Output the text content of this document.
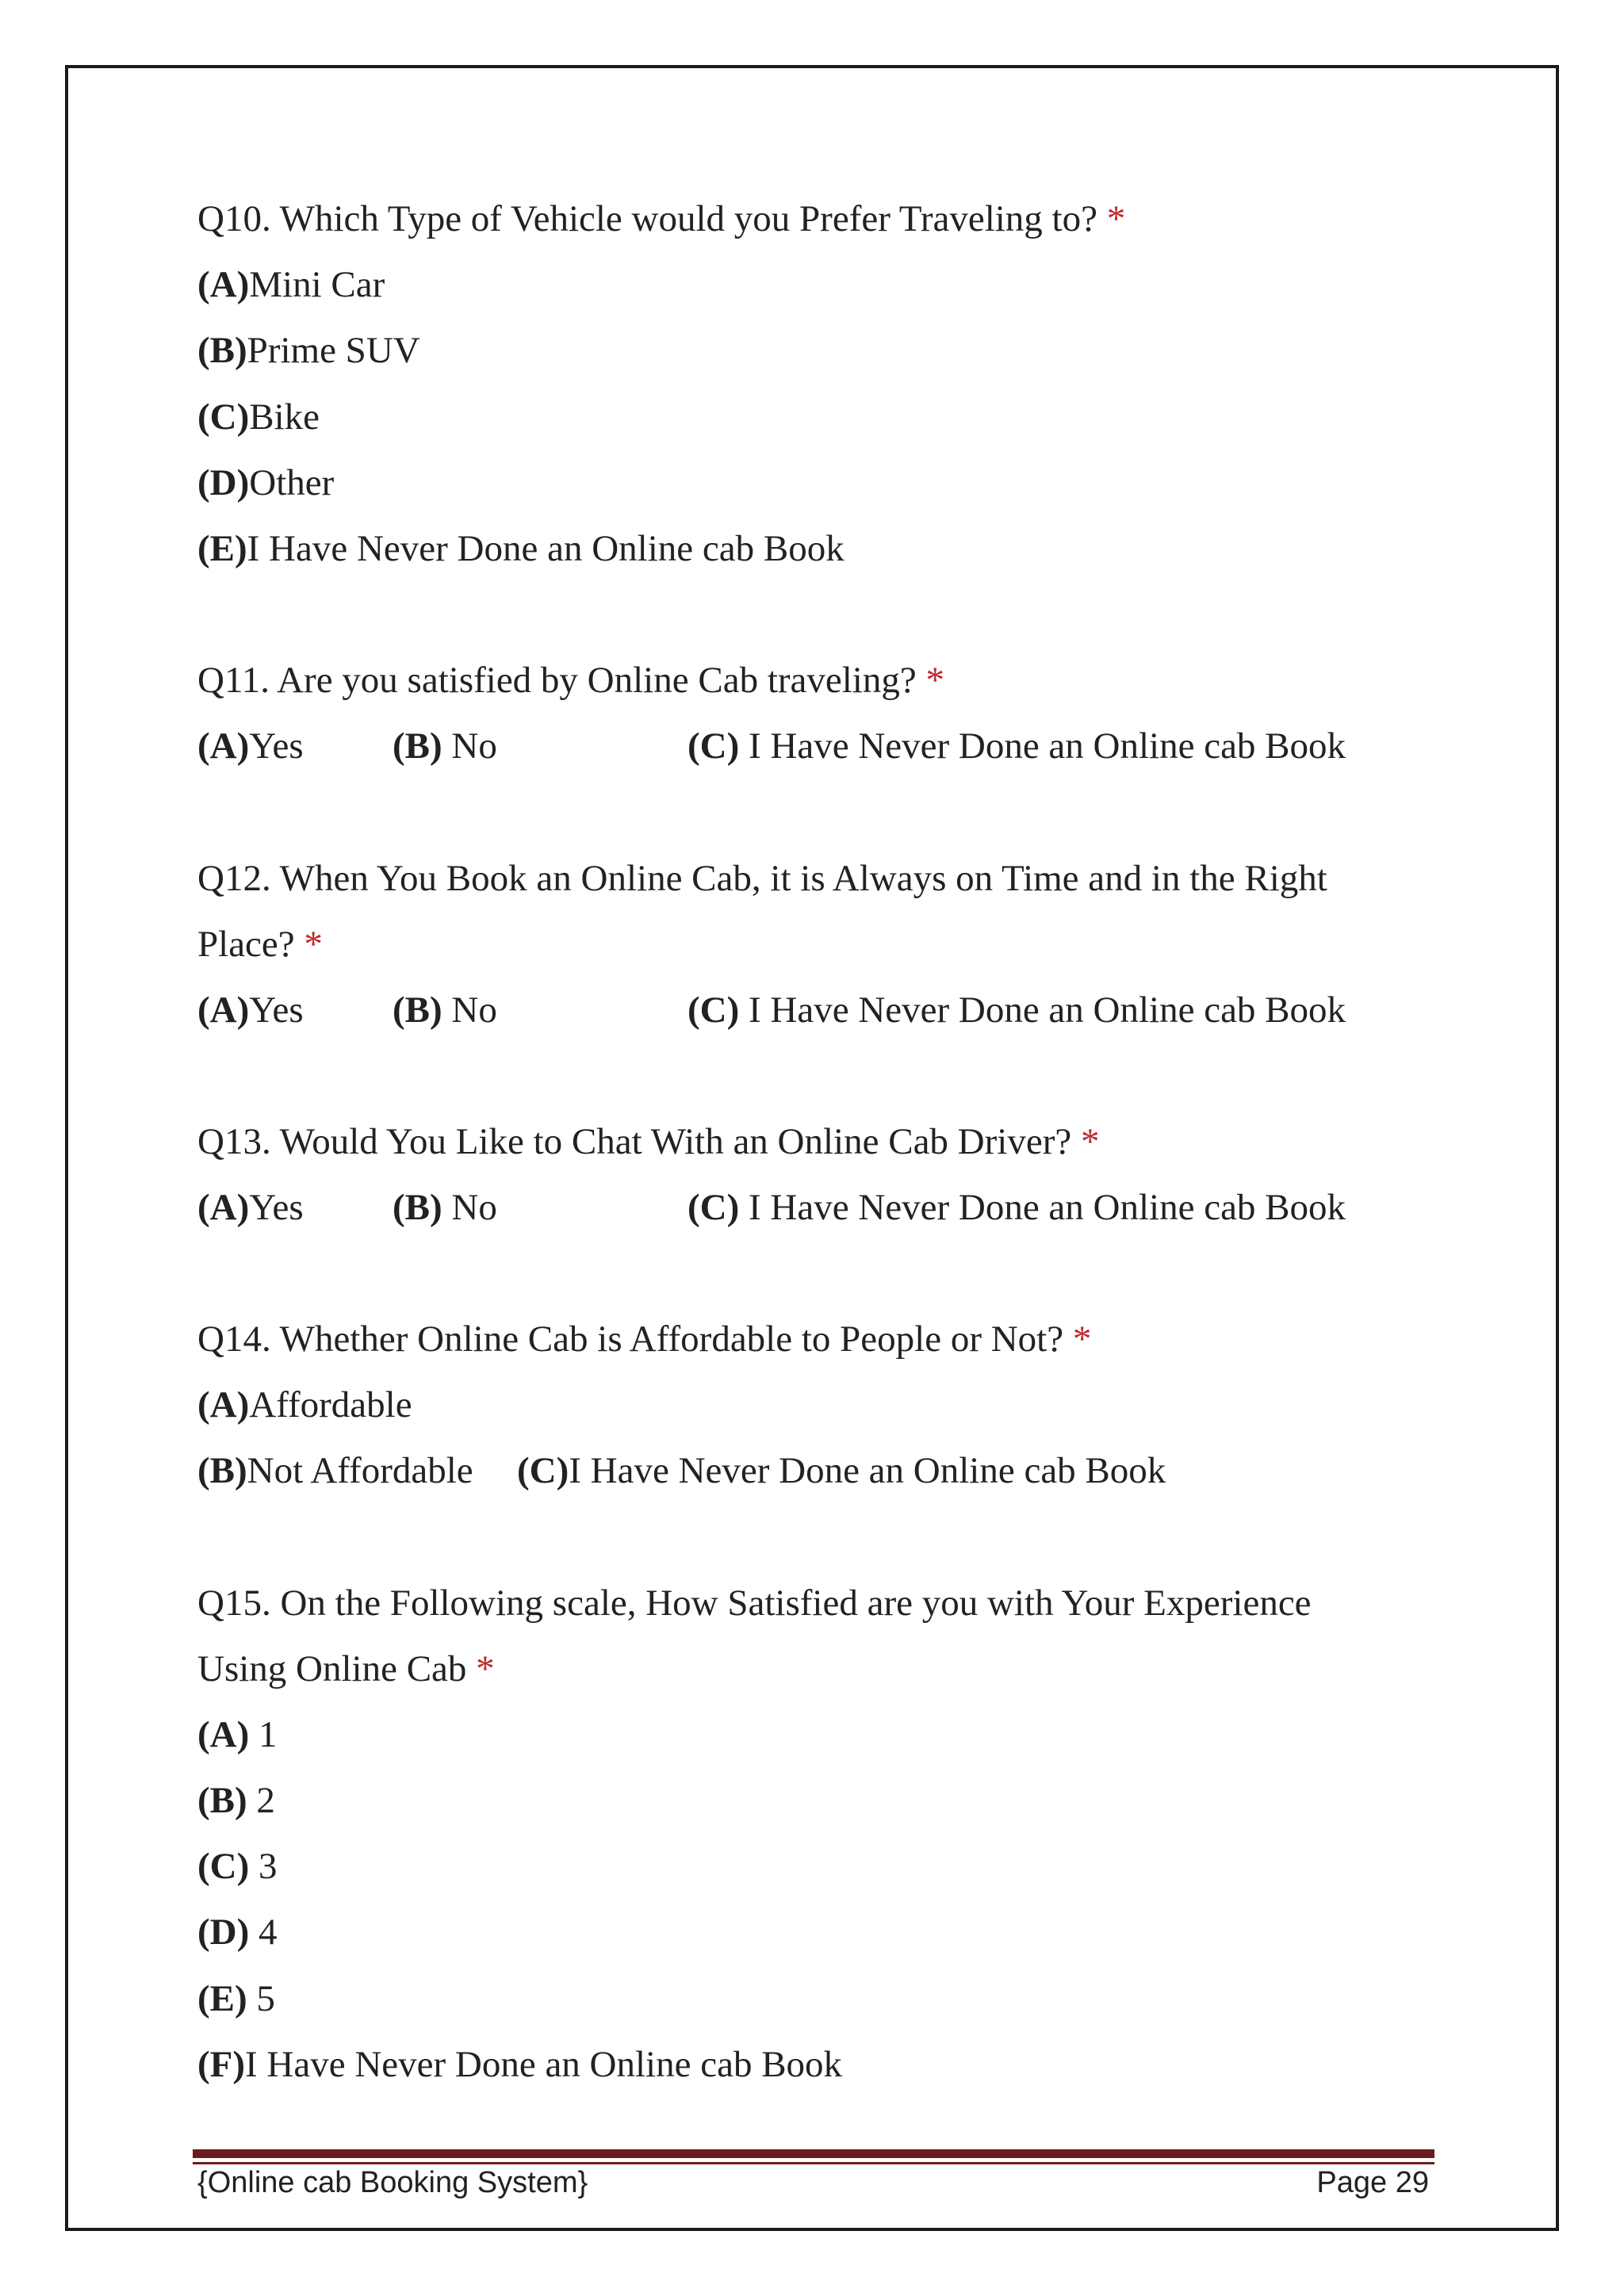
Q10. Which Type of Vehicle would you Prefer Traveling to? *
(A)Mini Car
(B)Prime SUV
(C)Bike
(D)Other
(E)I Have Never Done an Online cab Book
Q11. Are you satisfied by Online Cab traveling? *
(A)Yes (B) No	(C) I Have Never Done an Online cab Book
Q12. When You Book an Online Cab, it is Always on Time and in the Right
Place? *
(A)Yes (B) No	(C) I Have Never Done an Online cab Book
Q13. Would You Like to Chat With an Online Cab Driver? *
(A)Yes (B) No	(C) I Have Never Done an Online cab Book
Q14. Whether Online Cab is Affordable to People or Not? *
(A)Affordable
(B)Not Affordable (C)I Have Never Done an Online cab Book
Q15. On the Following scale, How Satisfied are you with Your Experience
Using Online Cab *
(A) 1
(B) 2
(C) 3
(D) 4
(E) 5
(F)I Have Never Done an Online cab Book
{Online cab Booking System}	Page 29
